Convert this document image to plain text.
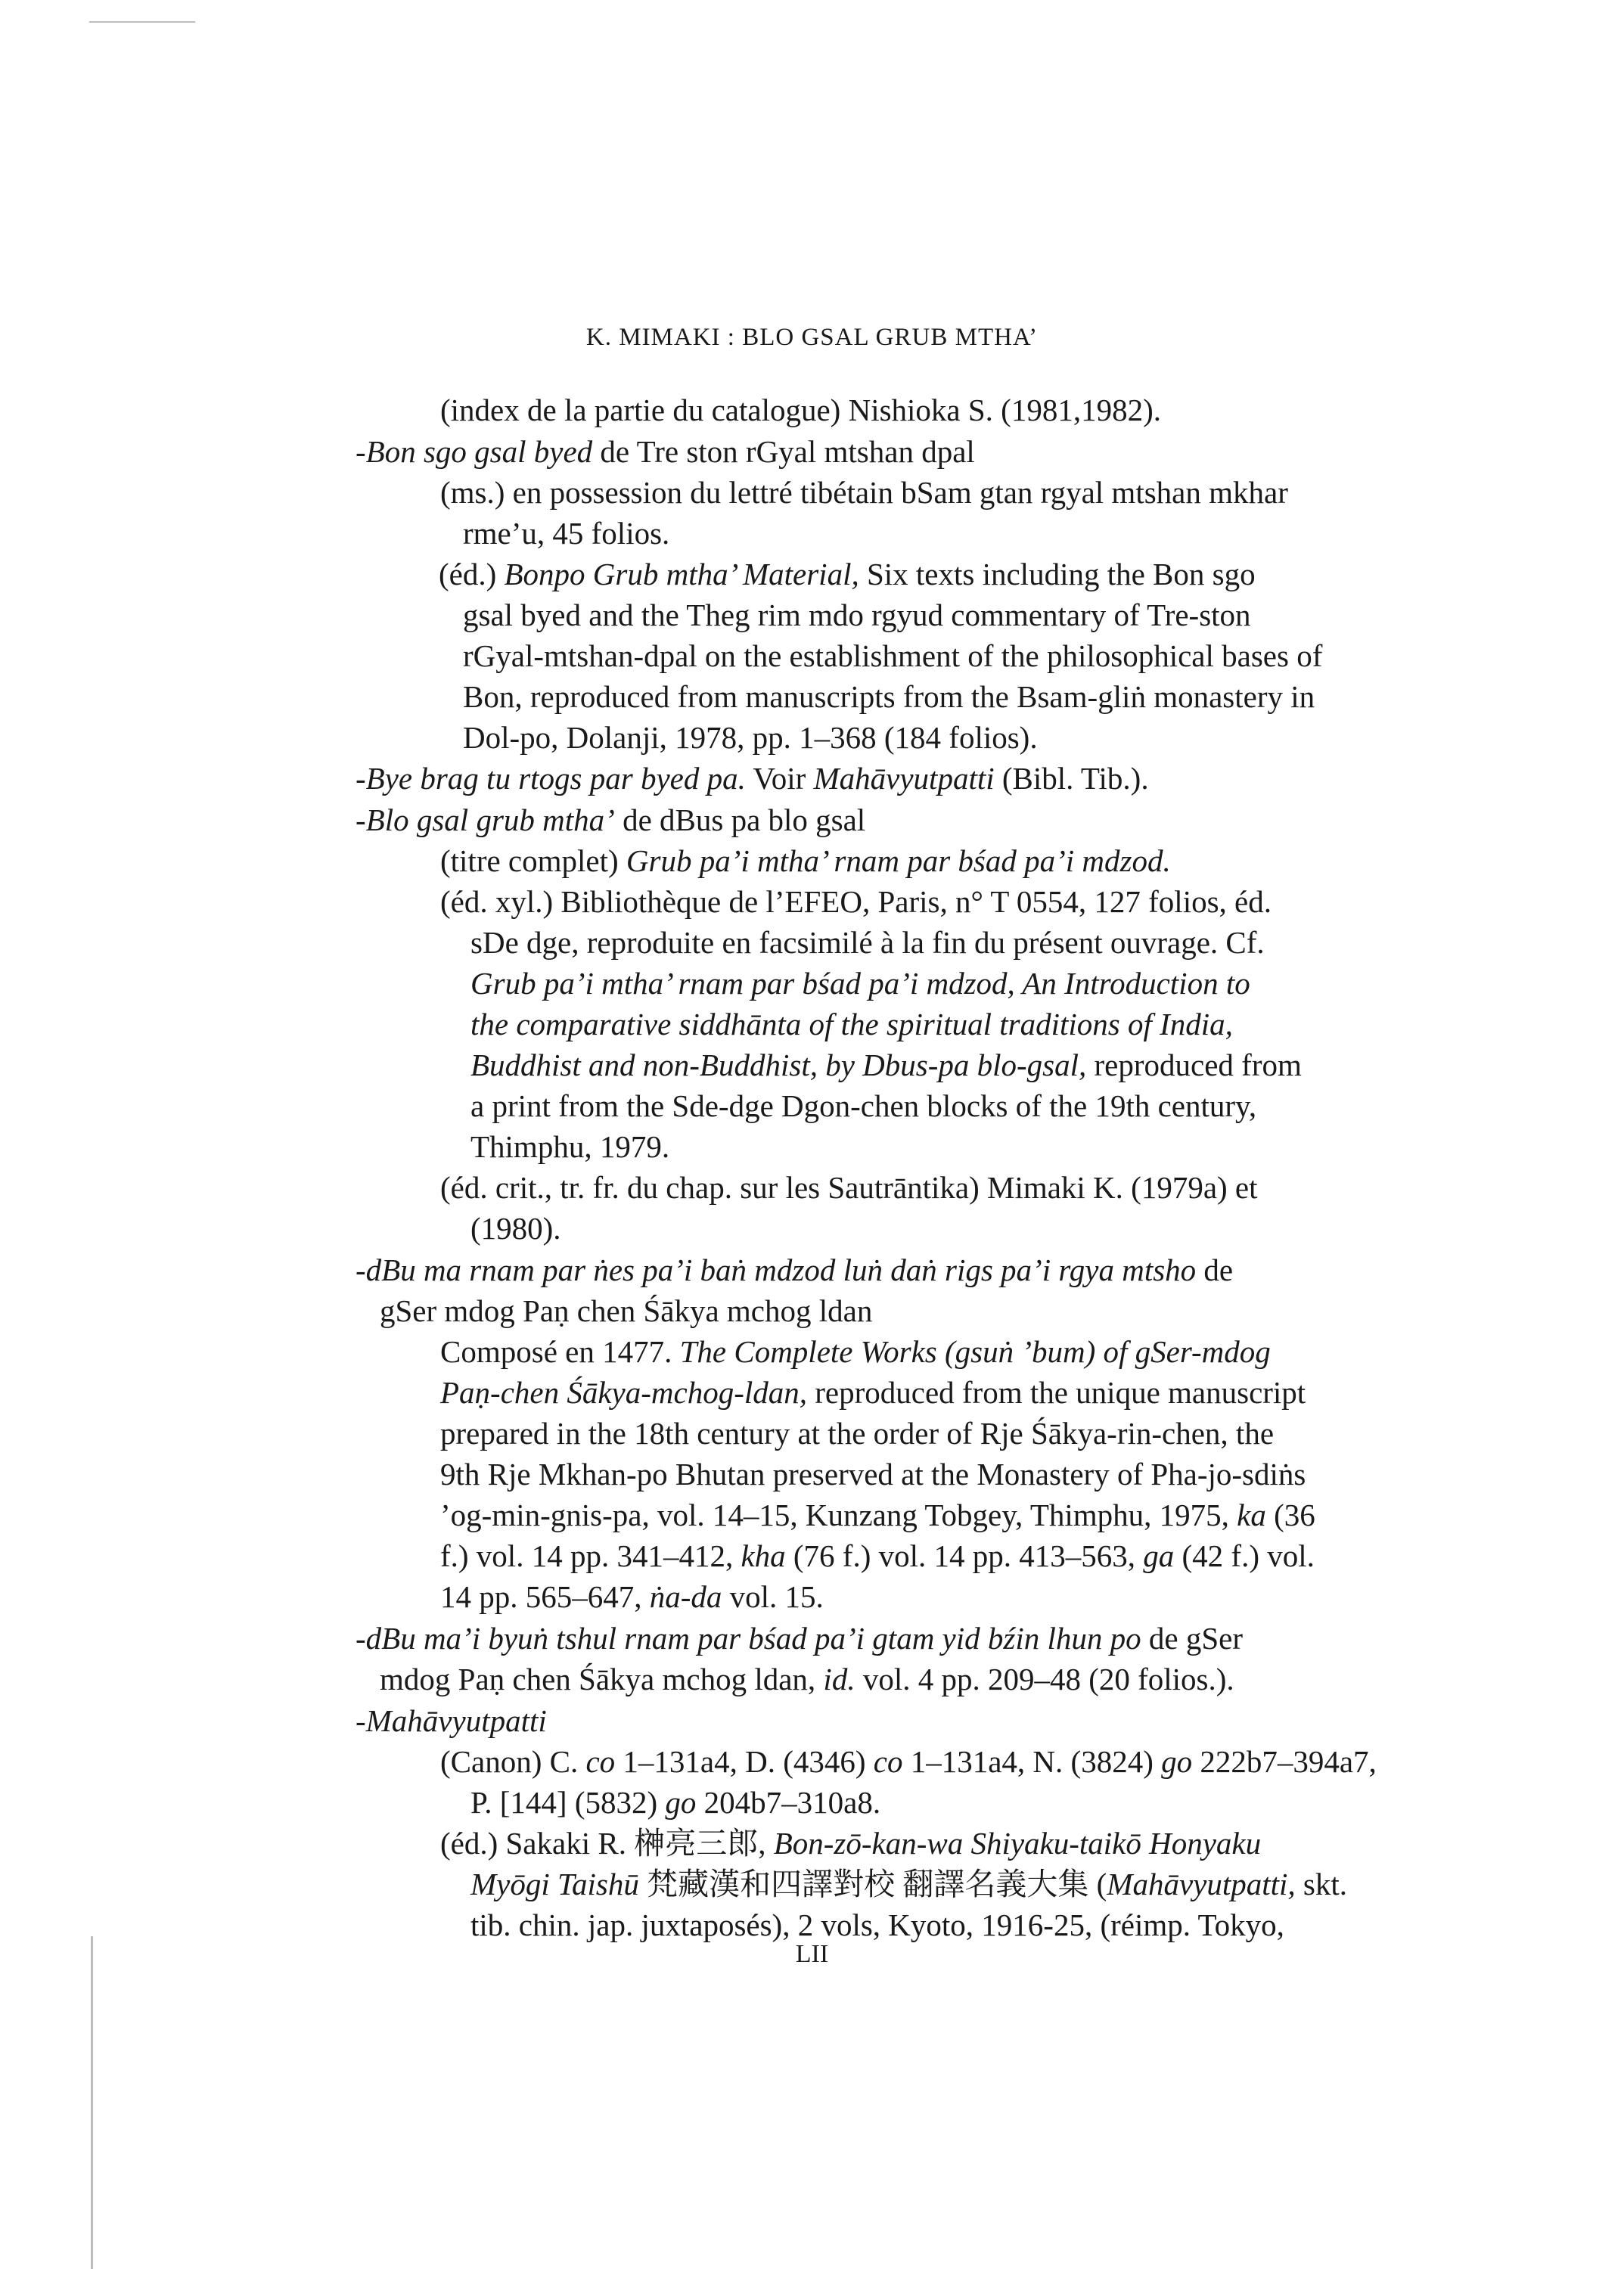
K. MIMAKI : BLO GSAL GRUB MTHA’
(index de la partie du catalogue) Nishioka S. (1981,1982).
-Bon sgo gsal byed de Tre ston rGyal mtshan dpal
(ms.) en possession du lettré tibétain bSam gtan rgyal mtshan mkhar
rme’u, 45 folios.
(éd.) Bonpo Grub mtha’ Material, Six texts including the Bon sgo
gsal byed and the Theg rim mdo rgyud commentary of Tre-ston
rGyal-mtshan-dpal on the establishment of the philosophical bases of
Bon, reproduced from manuscripts from the Bsam-gliṅ monastery in
Dol-po, Dolanji, 1978, pp. 1–368 (184 folios).
-Bye brag tu rtogs par byed pa. Voir Mahāvyutpatti (Bibl. Tib.).
-Blo gsal grub mtha’ de dBus pa blo gsal
(titre complet) Grub pa’i mtha’ rnam par bśad pa’i mdzod.
(éd. xyl.) Bibliothèque de l’EFEO, Paris, n° T 0554, 127 folios, éd.
sDe dge, reproduite en facsimilé à la fin du présent ouvrage. Cf.
Grub pa’i mtha’ rnam par bśad pa’i mdzod, An Introduction to
the comparative siddhānta of the spiritual traditions of India,
Buddhist and non-Buddhist, by Dbus-pa blo-gsal, reproduced from
a print from the Sde-dge Dgon-chen blocks of the 19th century,
Thimphu, 1979.
(éd. crit., tr. fr. du chap. sur les Sautrāntika) Mimaki K. (1979a) et
(1980).
-dBu ma rnam par ṅes pa’i baṅ mdzod luṅ daṅ rigs pa’i rgya mtsho de
gSer mdog Paṇ chen Śākya mchog ldan
Composé en 1477. The Complete Works (gsuṅ ’bum) of gSer-mdog
Paṇ-chen Śākya-mchog-ldan, reproduced from the unique manuscript
prepared in the 18th century at the order of Rje Śākya-rin-chen, the
9th Rje Mkhan-po Bhutan preserved at the Monastery of Pha-jo-sdiṅs
’og-min-gnis-pa, vol. 14–15, Kunzang Tobgey, Thimphu, 1975, ka (36
f.) vol. 14 pp. 341–412, kha (76 f.) vol. 14 pp. 413–563, ga (42 f.) vol.
14 pp. 565–647, ṅa-da vol. 15.
-dBu ma’i byuṅ tshul rnam par bśad pa’i gtam yid bźin lhun po de gSer
mdog Paṇ chen Śākya mchog ldan, id. vol. 4 pp. 209–48 (20 folios.).
-Mahāvyutpatti
(Canon) C. co 1–131a4, D. (4346) co 1–131a4, N. (3824) go 222b7–394a7,
P. [144] (5832) go 204b7–310a8.
(éd.) Sakaki R. 榊亮三郎, Bon-zō-kan-wa Shiyaku-taikō Honyaku
Myōgi Taishū 梵藏漢和四譯對校 翻譯名義大集 (Mahāvyutpatti, skt.
tib. chin. jap. juxtaposés), 2 vols, Kyoto, 1916-25, (réimp. Tokyo,
LII
